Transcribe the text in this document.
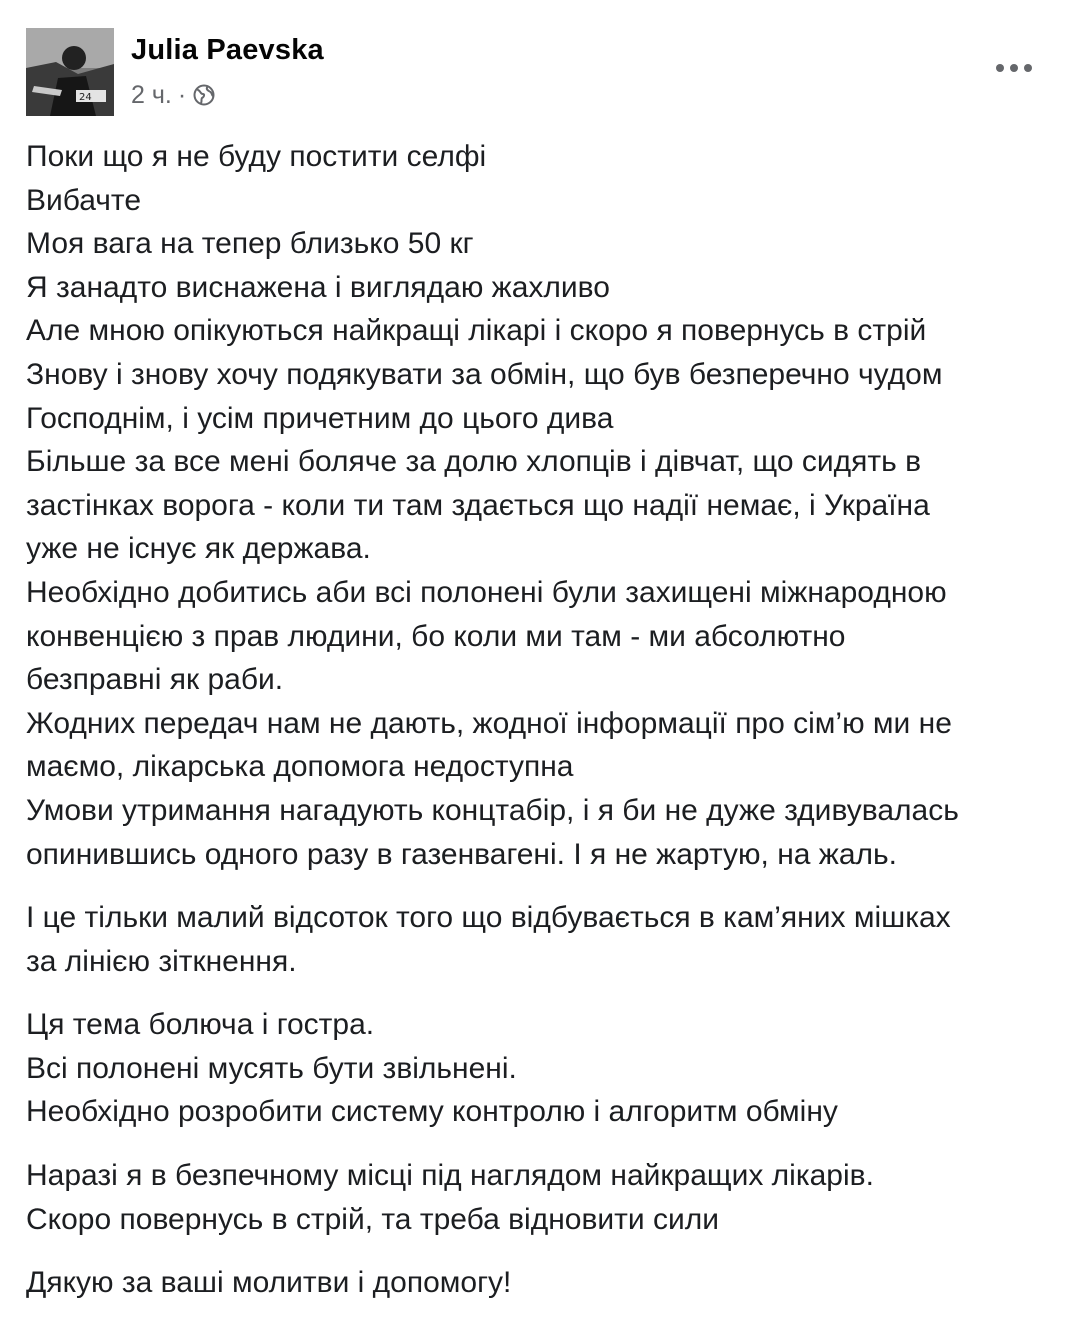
24
Julia Paevska
2 ч. ·
Поки що я не буду постити селфі
Вибачте
Моя вага на тепер близько 50 кг
Я занадто виснажена і виглядаю жахливо
Але мною опікуються найкращі лікарі і скоро я повернусь в стрій
Знову і знову хочу подякувати за обмін, що був безперечно чудом
Господнім, і усім причетним до цього дива
Більше за все мені боляче за долю хлопців і дівчат, що сидять в
застінках ворога - коли ти там здається що надії немає, і Україна
уже не існує як держава.
Необхідно добитись аби всі полонені були захищені міжнародною
конвенцією з прав людини, бо коли ми там - ми абсолютно
безправні як раби.
Жодних передач нам не дають, жодної інформації про сім’ю ми не
маємо, лікарська допомога недоступна
Умови утримання нагадують концтабір, і я би не дуже здивувалась
опинившись одного разу в газенвагені. І я не жартую, на жаль.
І це тільки малий відсоток того що відбувається в кам’яних мішках
за лінією зіткнення.
Ця тема болюча і гостра.
Всі полонені мусять бути звільнені.
Необхідно розробити систему контролю і алгоритм обміну
Наразі я в безпечному місці під наглядом найкращих лікарів.
Скоро повернусь в стрій, та треба відновити сили
Дякую за ваші молитви і допомогу!
